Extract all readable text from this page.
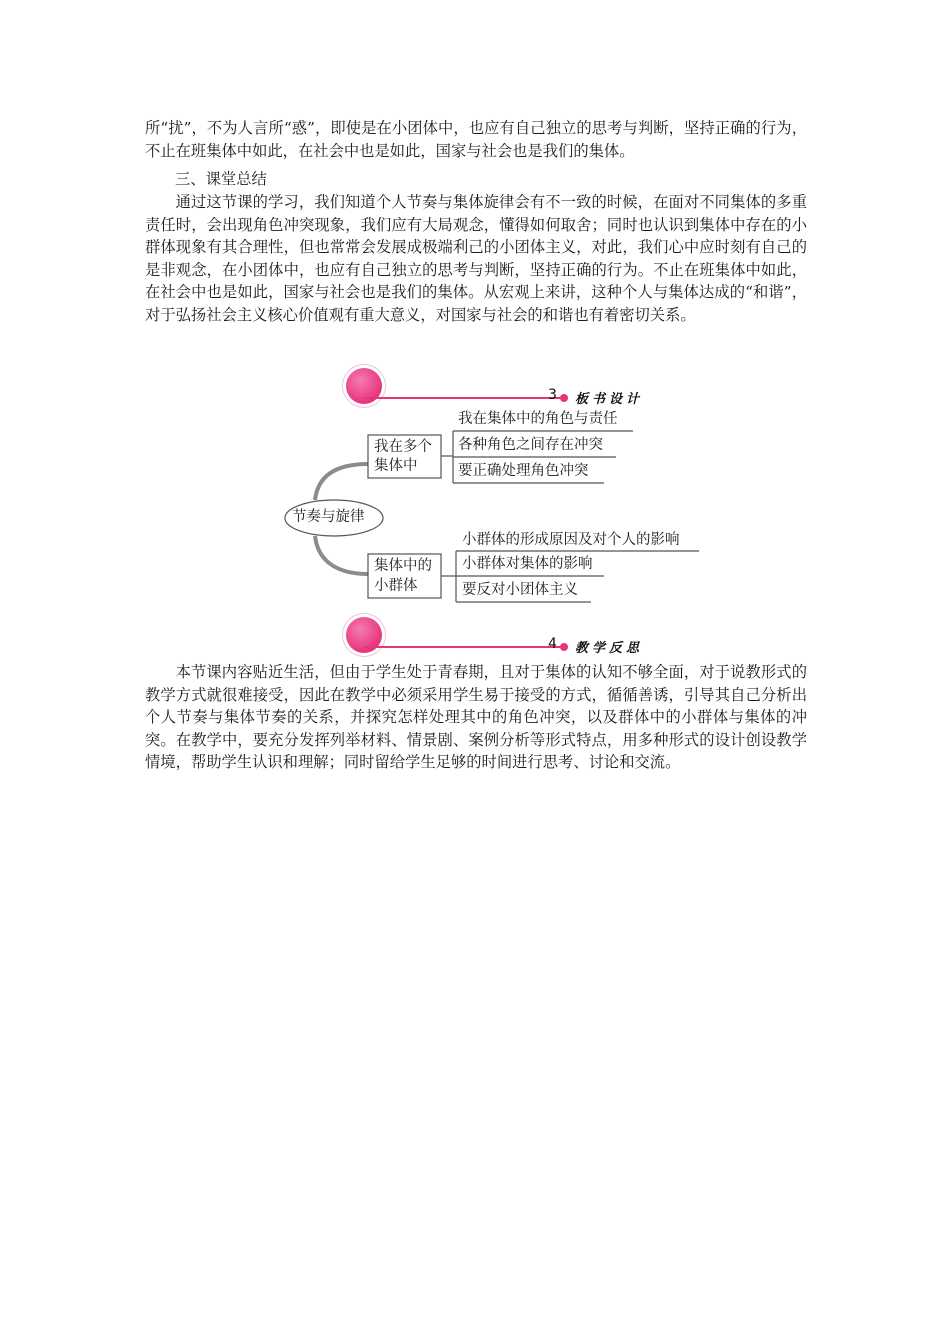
所“扰”，不为人言所“惑”，即使是在小团体中，也应有自己独立的思考与判断，坚持正确的行为，不止在班集体中如此，在社会中也是如此，国家与社会也是我们的集体。

三、课堂总结

通过这节课的学习，我们知道个人节奏与集体旋律会有不一致的时候，在面对不同集体的多重责任时，会出现角色冲突现象，我们应有大局观念，懂得如何取舍；同时也认识到集体中存在的小群体现象有其合理性，但也常常会发展成极端利己的小团体主义，对此，我们心中应时刻有自己的是非观念，在小团体中，也应有自己独立的思考与判断，坚持正确的行为。不止在班集体中如此，在社会中也是如此，国家与社会也是我们的集体。从宏观上来讲，这种个人与集体达成的“和谐”，对于弘扬社会主义核心价值观有重大意义，对国家与社会的和谐也有着密切关系。

3 板书设计
节奏与旋律
我在多个
集体中
我在集体中的角色与责任
各种角色之间存在冲突
要正确处理角色冲突
集体中的
小群体
小群体的形成原因及对个人的影响
小群体对集体的影响
要反对小团体主义
4 教学反思

本节课内容贴近生活，但由于学生处于青春期，且对于集体的认知不够全面，对于说教形式的教学方式就很难接受，因此在教学中必须采用学生易于接受的方式，循循善诱，引导其自己分析出个人节奏与集体节奏的关系，并探究怎样处理其中的角色冲突，以及群体中的小群体与集体的冲突。在教学中，要充分发挥列举材料、情景剧、案例分析等形式特点，用多种形式的设计创设教学情境，帮助学生认识和理解；同时留给学生足够的时间进行思考、讨论和交流。
